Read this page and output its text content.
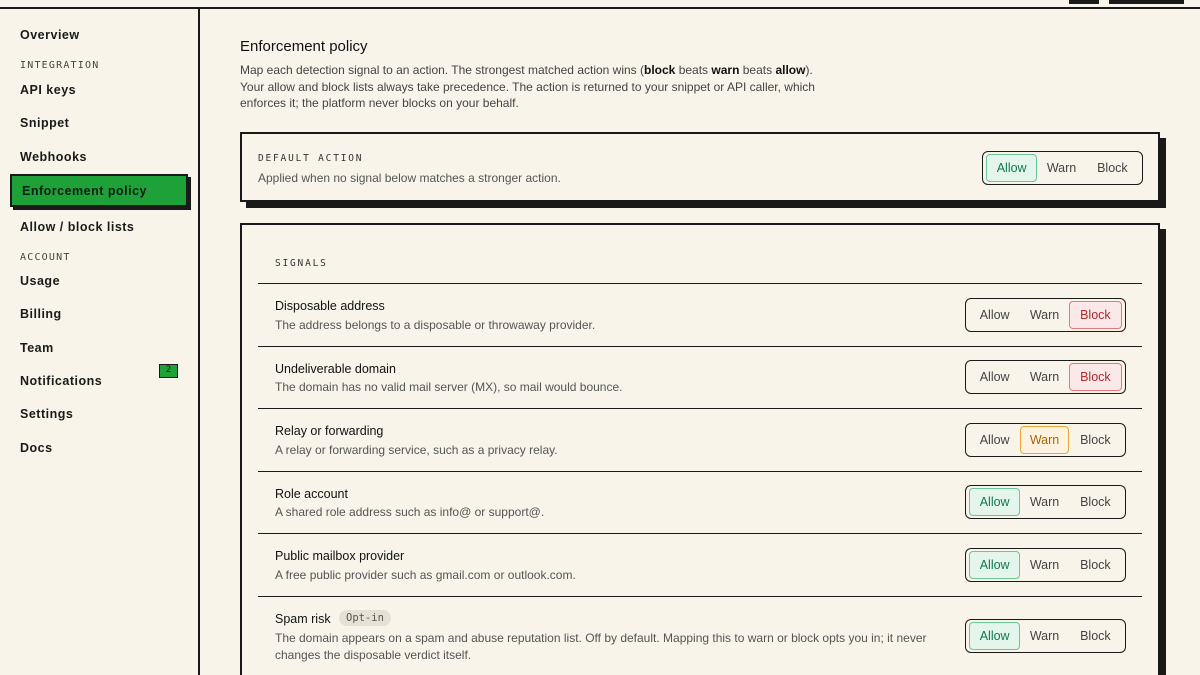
Overview
INTEGRATION
API keys
Snippet
Webhooks
Enforcement policy
Allow / block lists
ACCOUNT
Usage
Billing
Team
Notifications
2
Settings
Docs
Enforcement policy

Map each detection signal to an action. The strongest matched action wins (block beats warn beats allow). Your allow and block lists always take precedence. The action is returned to your snippet or API caller, which enforces it; the platform never blocks on your behalf.

DEFAULT ACTION
Applied when no signal below matches a stronger action.
Allow	Warn	Block
SIGNALS
Disposable address
The address belongs to a disposable or throwaway provider.
Allow	Warn	Block
Undeliverable domain
The domain has no valid mail server (MX), so mail would bounce.
Allow	Warn	Block
Relay or forwarding
A relay or forwarding service, such as a privacy relay.
Allow	Warn	Block
Role account
A shared role address such as info@ or support@.
Allow	Warn	Block
Public mailbox provider
A free public provider such as gmail.com or outlook.com.
Allow	Warn	Block
Spam risk	Opt-in
The domain appears on a spam and abuse reputation list. Off by default. Mapping this to warn or block opts you in; it never changes the disposable verdict itself.
Allow	Warn	Block
